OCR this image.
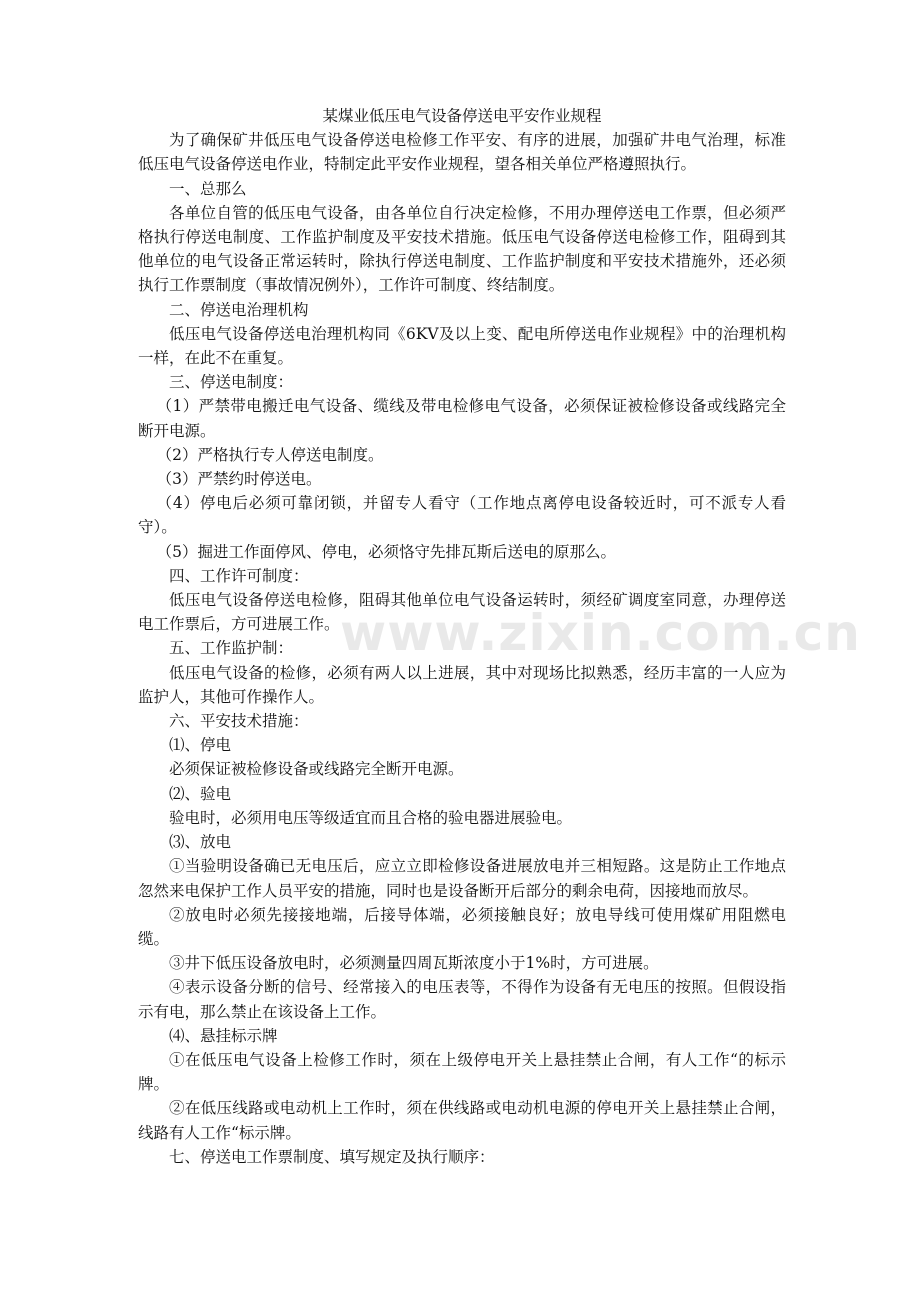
www.zixin.com.cn

某煤业低压电气设备停送电平安作业规程

为了确保矿井低压电气设备停送电检修工作平安、有序的进展，加强矿井电气治理，标准低压电气设备停送电作业，特制定此平安作业规程，望各相关单位严格遵照执行。

一、总那么

各单位自管的低压电气设备，由各单位自行决定检修，不用办理停送电工作票，但必须严格执行停送电制度、工作监护制度及平安技术措施。低压电气设备停送电检修工作，阻碍到其他单位的电气设备正常运转时，除执行停送电制度、工作监护制度和平安技术措施外，还必须执行工作票制度（事故情况例外），工作许可制度、终结制度。

二、停送电治理机构

低压电气设备停送电治理机构同《6KV及以上变、配电所停送电作业规程》中的治理机构一样，在此不在重复。

三、停送电制度：

（1）严禁带电搬迁电气设备、缆线及带电检修电气设备，必须保证被检修设备或线路完全断开电源。

（2）严格执行专人停送电制度。

（3）严禁约时停送电。

（4）停电后必须可靠闭锁，并留专人看守（工作地点离停电设备较近时，可不派专人看守）。

（5）掘进工作面停风、停电，必须恪守先排瓦斯后送电的原那么。

四、工作许可制度：

低压电气设备停送电检修，阻碍其他单位电气设备运转时，须经矿调度室同意，办理停送电工作票后，方可进展工作。

五、工作监护制：

低压电气设备的检修，必须有两人以上进展，其中对现场比拟熟悉，经历丰富的一人应为监护人，其他可作操作人。

六、平安技术措施：

⑴、停电

必须保证被检修设备或线路完全断开电源。

⑵、验电

验电时，必须用电压等级适宜而且合格的验电器进展验电。

⑶、放电

①当验明设备确已无电压后，应立立即检修设备进展放电并三相短路。这是防止工作地点忽然来电保护工作人员平安的措施，同时也是设备断开后部分的剩余电荷，因接地而放尽。

②放电时必须先接接地端，后接导体端，必须接触良好；放电导线可使用煤矿用阻燃电缆。

③井下低压设备放电时，必须测量四周瓦斯浓度小于1%时，方可进展。

④表示设备分断的信号、经常接入的电压表等，不得作为设备有无电压的按照。但假设指示有电，那么禁止在该设备上工作。

⑷、悬挂标示牌

①在低压电气设备上检修工作时，须在上级停电开关上悬挂禁止合闸，有人工作“的标示牌。

②在低压线路或电动机上工作时，须在供线路或电动机电源的停电开关上悬挂禁止合闸，线路有人工作“标示牌。

七、停送电工作票制度、填写规定及执行顺序：
